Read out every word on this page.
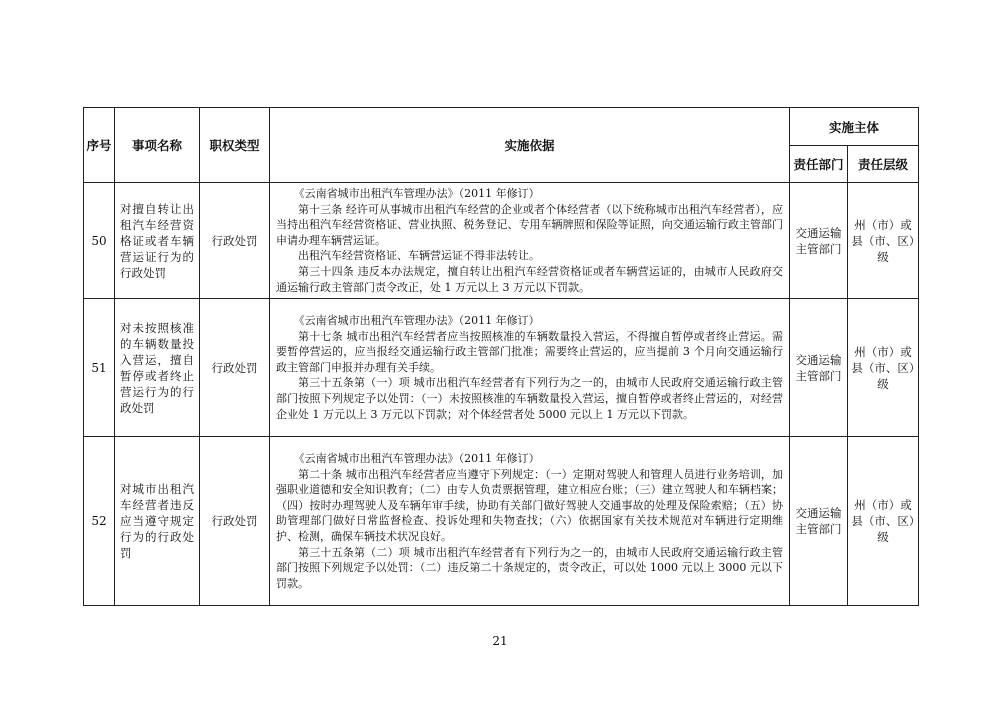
序号	事项名称	职权类型	实施依据	实施主体	
				责任部门	责任层级
50	对擅自转让出租汽车经营资格证或者车辆营运证行为的行政处罚	行政处罚	《云南省城市出租汽车管理办法》（2011 年修订）

第十三条 经许可从事城市出租汽车经营的企业或者个体经营者（以下统称城市出租汽车经营者），应当持出租汽车经营资格证、营业执照、税务登记、专用车辆牌照和保险等证照，向交通运输行政主管部门申请办理车辆营运证。

出租汽车经营资格证、车辆营运证不得非法转让。

第三十四条 违反本办法规定，擅自转让出租汽车经营资格证或者车辆营运证的，由城市人民政府交通运输行政主管部门责令改正，处 1 万元以上 3 万元以下罚款。	交通运输主管部门	州（市）或县（市、区）级
51	对未按照核准的车辆数量投入营运，擅自暂停或者终止营运行为的行政处罚	行政处罚	《云南省城市出租汽车管理办法》（2011 年修订）

第十七条 城市出租汽车经营者应当按照核准的车辆数量投入营运，不得擅自暂停或者终止营运。需要暂停营运的，应当报经交通运输行政主管部门批准；需要终止营运的，应当提前 3 个月向交通运输行政主管部门申报并办理有关手续。

第三十五条第（一）项 城市出租汽车经营者有下列行为之一的，由城市人民政府交通运输行政主管部门按照下列规定予以处罚：（一）未按照核准的车辆数量投入营运，擅自暂停或者终止营运的，对经营企业处 1 万元以上 3 万元以下罚款；对个体经营者处 5000 元以上 1 万元以下罚款。	交通运输主管部门	州（市）或县（市、区）级
52	对城市出租汽车经营者违反应当遵守规定行为的行政处罚	行政处罚	《云南省城市出租汽车管理办法》（2011 年修订）

第二十条 城市出租汽车经营者应当遵守下列规定：（一）定期对驾驶人和管理人员进行业务培训，加强职业道德和安全知识教育；（二）由专人负责票据管理，建立相应台账；（三）建立驾驶人和车辆档案；（四）按时办理驾驶人及车辆年审手续，协助有关部门做好驾驶人交通事故的处理及保险索赔；（五）协助管理部门做好日常监督检查、投诉处理和失物查找；（六）依据国家有关技术规范对车辆进行定期维护、检测，确保车辆技术状况良好。

第三十五条第（二）项 城市出租汽车经营者有下列行为之一的，由城市人民政府交通运输行政主管部门按照下列规定予以处罚：（二）违反第二十条规定的，责令改正，可以处 1000 元以上 3000 元以下罚款。	交通运输主管部门	州（市）或县（市、区）级
21
